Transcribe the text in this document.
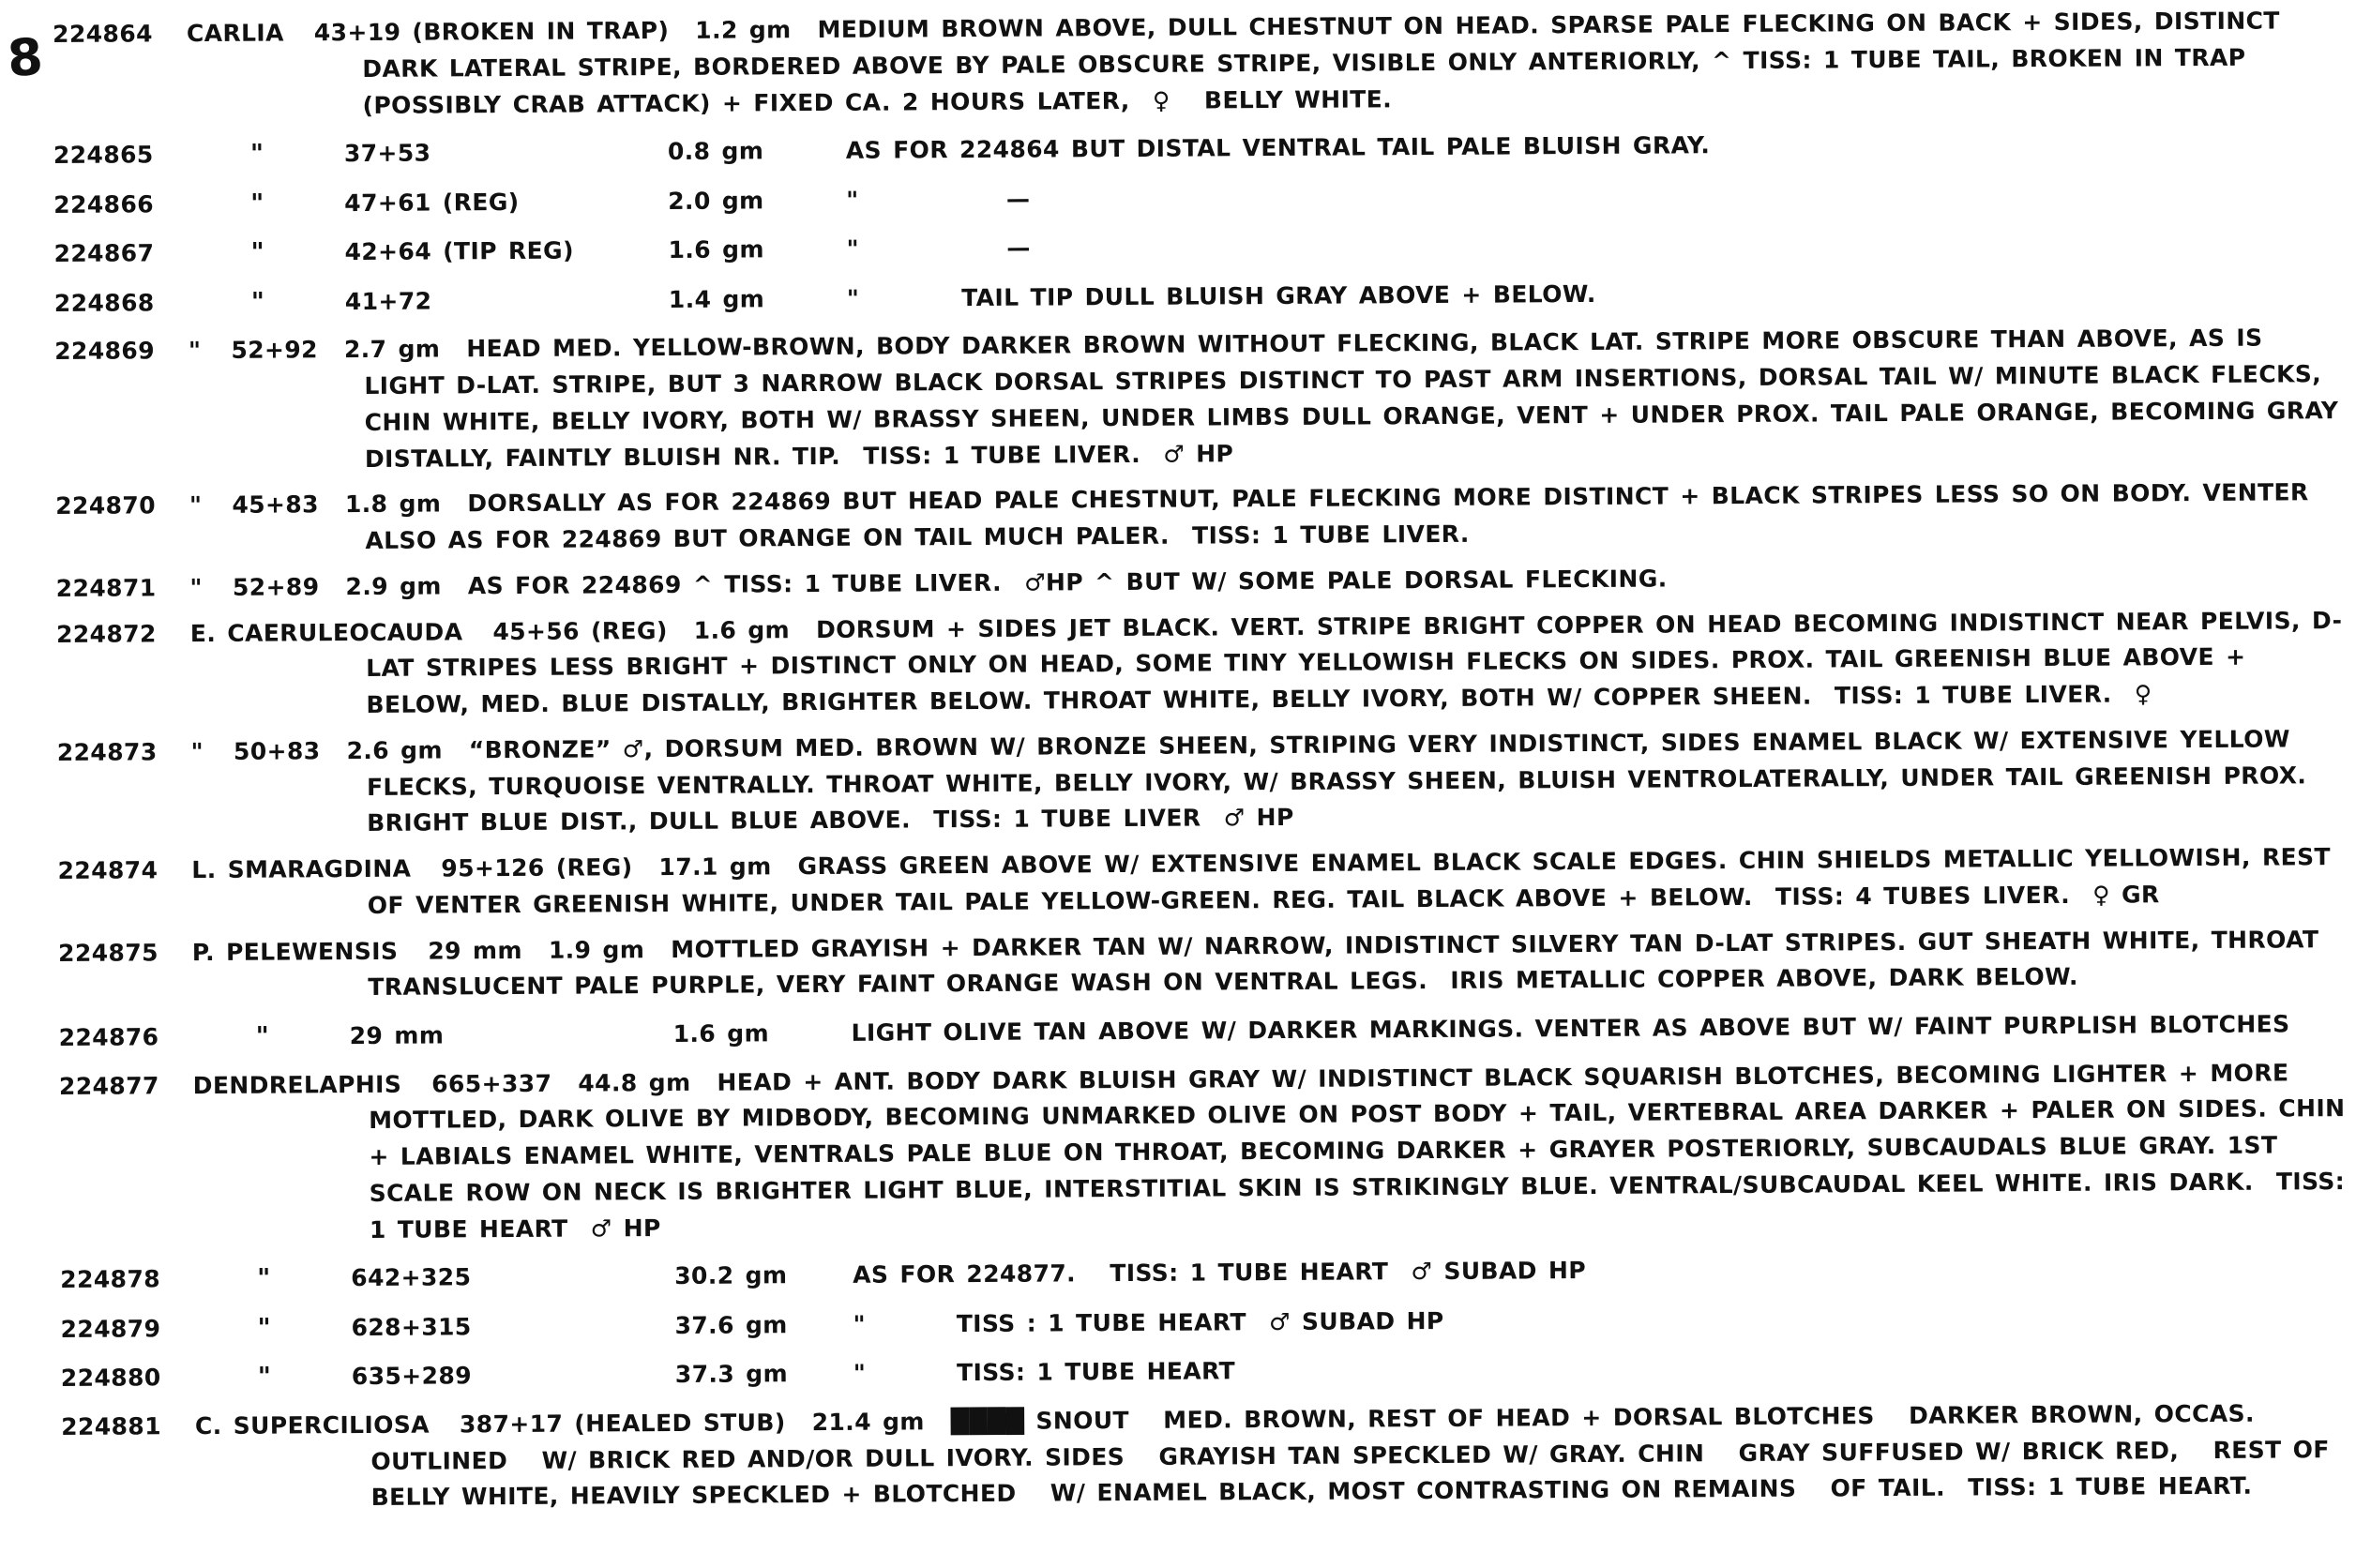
8 224864 CARLIA 43+19 (BROKEN IN TRAP) 1.2 gm MEDIUM BROWN ABOVE, DULL CHESTNUT ON HEAD. SPARSE PALE FLECKING ON BACK + SIDES, DISTINCT DARK LATERAL STRIPE, BORDERED ABOVE BY PALE OBSCURE STRIPE, VISIBLE ONLY ANTERIORLY, ^ TISS: 1 TUBE TAIL, BROKEN IN TRAP (POSSIBLY CRAB ATTACK) + FIXED CA. 2 HOURS LATER,  ♀   BELLY WHITE.

224865	"	37+53	0.8 gm	AS FOR 224864 BUT DISTAL VENTRAL TAIL PALE BLUISH GRAY.
224866	"	47+61 (REG)	2.0 gm	"             —
224867	"	42+64 (TIP REG)	1.6 gm	"             —
224868	"	41+72	1.4 gm	"         TAIL TIP DULL BLUISH GRAY ABOVE + BELOW.

224869 " 52+92 2.7 gm HEAD MED. YELLOW-BROWN, BODY DARKER BROWN WITHOUT FLECKING, BLACK LAT. STRIPE MORE OBSCURE THAN ABOVE, AS IS LIGHT D-LAT. STRIPE, BUT 3 NARROW BLACK DORSAL STRIPES DISTINCT TO PAST ARM INSERTIONS, DORSAL TAIL W/ MINUTE BLACK FLECKS, CHIN WHITE, BELLY IVORY, BOTH W/ BRASSY SHEEN, UNDER LIMBS DULL ORANGE, VENT + UNDER PROX. TAIL PALE ORANGE, BECOMING GRAY DISTALLY, FAINTLY BLUISH NR. TIP.  TISS: 1 TUBE LIVER.  ♂ HP

224870 " 45+83 1.8 gm DORSALLY AS FOR 224869 BUT HEAD PALE CHESTNUT, PALE FLECKING MORE DISTINCT + BLACK STRIPES LESS SO ON BODY. VENTER ALSO AS FOR 224869 BUT ORANGE ON TAIL MUCH PALER.  TISS: 1 TUBE LIVER.

224871 " 52+89 2.9 gm AS FOR 224869 ^ TISS: 1 TUBE LIVER.  ♂HP ^ BUT W/ SOME PALE DORSAL FLECKING.

224872 E. CAERULEOCAUDA 45+56 (REG) 1.6 gm DORSUM + SIDES JET BLACK. VERT. STRIPE BRIGHT COPPER ON HEAD BECOMING INDISTINCT NEAR PELVIS, D-LAT STRIPES LESS BRIGHT + DISTINCT ONLY ON HEAD, SOME TINY YELLOWISH FLECKS ON SIDES. PROX. TAIL GREENISH BLUE ABOVE + BELOW, MED. BLUE DISTALLY, BRIGHTER BELOW. THROAT WHITE, BELLY IVORY, BOTH W/ COPPER SHEEN.  TISS: 1 TUBE LIVER.  ♀

224873 " 50+83 2.6 gm “BRONZE” ♂, DORSUM MED. BROWN W/ BRONZE SHEEN, STRIPING VERY INDISTINCT, SIDES ENAMEL BLACK W/ EXTENSIVE YELLOW FLECKS, TURQUOISE VENTRALLY. THROAT WHITE, BELLY IVORY, W/ BRASSY SHEEN, BLUISH VENTROLATERALLY, UNDER TAIL GREENISH PROX. BRIGHT BLUE DIST., DULL BLUE ABOVE.  TISS: 1 TUBE LIVER  ♂ HP

224874 L. SMARAGDINA 95+126 (REG) 17.1 gm GRASS GREEN ABOVE W/ EXTENSIVE ENAMEL BLACK SCALE EDGES. CHIN SHIELDS METALLIC YELLOWISH, REST OF VENTER GREENISH WHITE, UNDER TAIL PALE YELLOW-GREEN. REG. TAIL BLACK ABOVE + BELOW.  TISS: 4 TUBES LIVER.  ♀ GR

224875 P. PELEWENSIS 29 mm 1.9 gm MOTTLED GRAYISH + DARKER TAN W/ NARROW, INDISTINCT SILVERY TAN D-LAT STRIPES. GUT SHEATH WHITE, THROAT TRANSLUCENT PALE PURPLE, VERY FAINT ORANGE WASH ON VENTRAL LEGS.  IRIS METALLIC COPPER ABOVE, DARK BELOW.

224876	"	29 mm	1.6 gm	LIGHT OLIVE TAN ABOVE W/ DARKER MARKINGS. VENTER AS ABOVE BUT W/ FAINT PURPLISH BLOTCHES

224877 DENDRELAPHIS 665+337 44.8 gm HEAD + ANT. BODY DARK BLUISH GRAY W/ INDISTINCT BLACK SQUARISH BLOTCHES, BECOMING LIGHTER + MORE MOTTLED, DARK OLIVE BY MIDBODY, BECOMING UNMARKED OLIVE ON POST BODY + TAIL, VERTEBRAL AREA DARKER + PALER ON SIDES. CHIN + LABIALS ENAMEL WHITE, VENTRALS PALE BLUE ON THROAT, BECOMING DARKER + GRAYER POSTERIORLY, SUBCAUDALS BLUE GRAY. 1ST SCALE ROW ON NECK IS BRIGHTER LIGHT BLUE, INTERSTITIAL SKIN IS STRIKINGLY BLUE. VENTRAL/SUBCAUDAL KEEL WHITE. IRIS DARK.  TISS: 1 TUBE HEART  ♂ HP

224878	"	642+325	30.2 gm	AS FOR 224877.   TISS: 1 TUBE HEART  ♂ SUBAD HP
224879	"	628+315	37.6 gm	"        TISS : 1 TUBE HEART  ♂ SUBAD HP
224880	"	635+289	37.3 gm	"        TISS: 1 TUBE HEART

224881 C. SUPERCILIOSA 387+17 (HEALED STUB) 21.4 gm ████ SNOUT   MED. BROWN, REST OF HEAD + DORSAL BLOTCHES   DARKER BROWN, OCCAS. OUTLINED   W/ BRICK RED AND/OR DULL IVORY. SIDES   GRAYISH TAN SPECKLED W/ GRAY. CHIN   GRAY SUFFUSED W/ BRICK RED,   REST OF BELLY WHITE, HEAVILY SPECKLED + BLOTCHED   W/ ENAMEL BLACK, MOST CONTRASTING ON REMAINS   OF TAIL.  TISS: 1 TUBE HEART.
